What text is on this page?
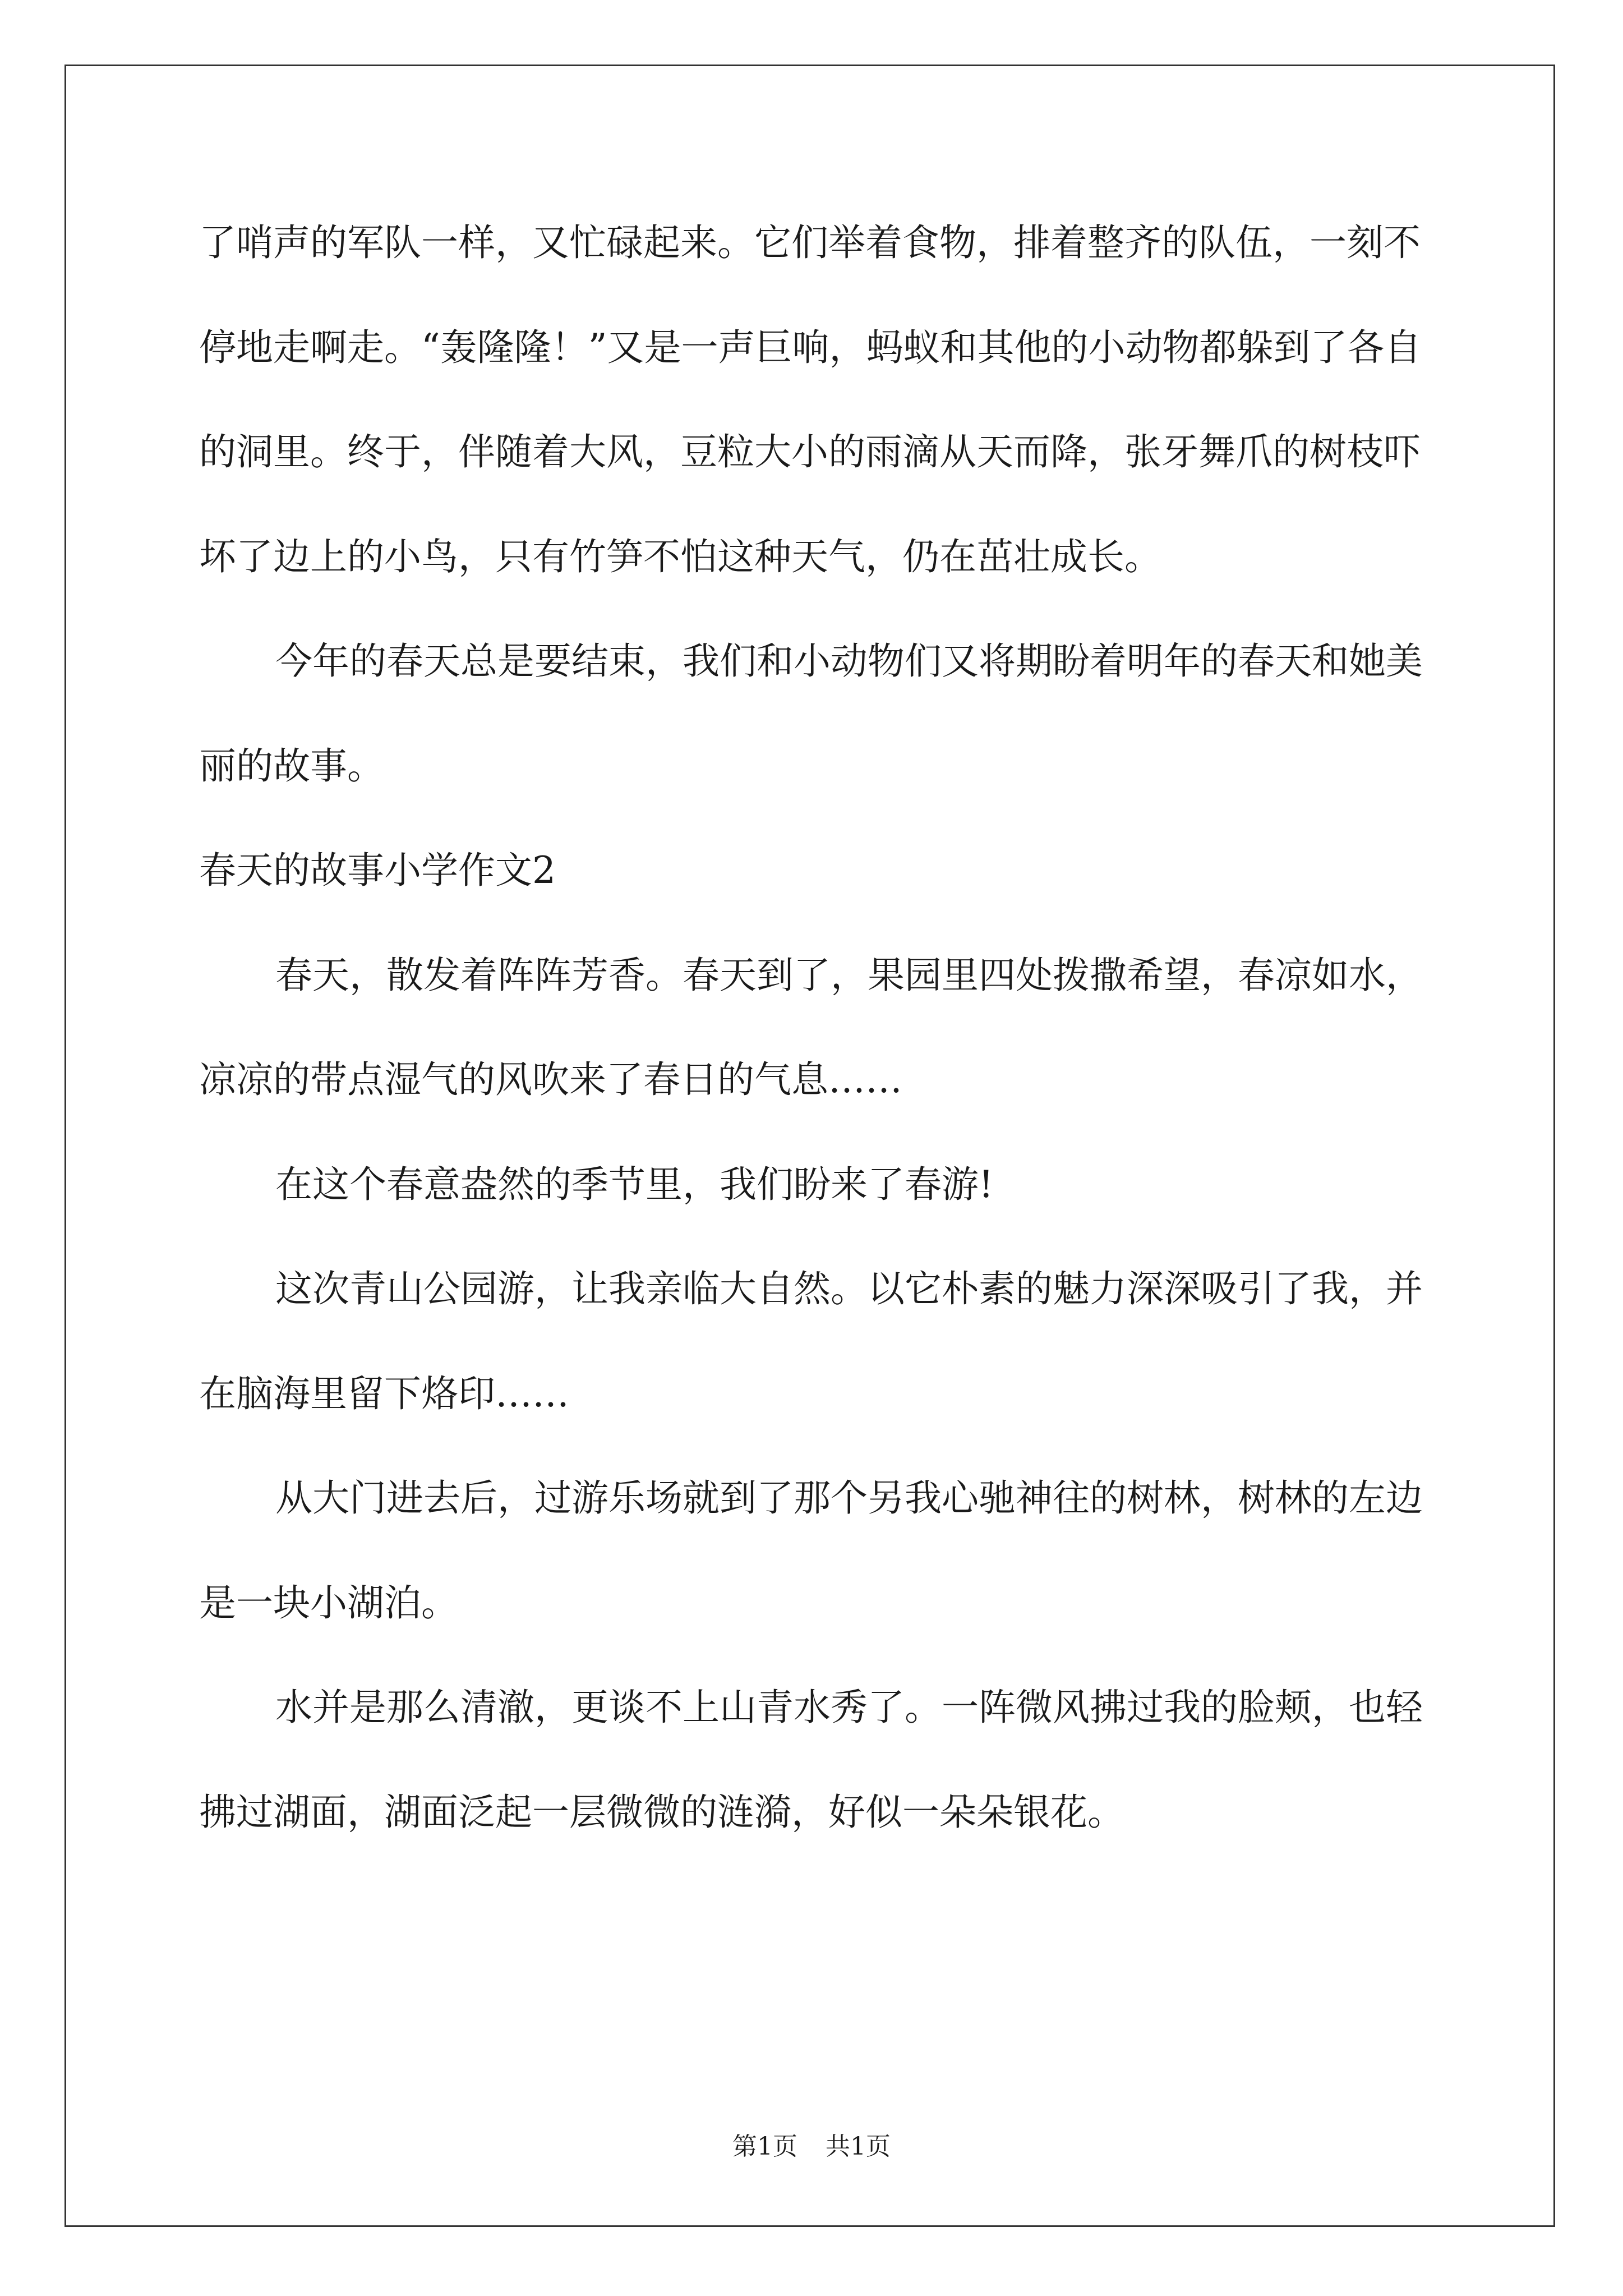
了哨声的军队一样，又忙碌起来。它们举着食物，排着整齐的队伍，一刻不停地走啊走。“轰隆隆！”又是一声巨响，蚂蚁和其他的小动物都躲到了各自的洞里。终于，伴随着大风，豆粒大小的雨滴从天而降，张牙舞爪的树枝吓坏了边上的小鸟，只有竹笋不怕这种天气，仍在茁壮成长。

今年的春天总是要结束，我们和小动物们又将期盼着明年的春天和她美丽的故事。

春天的故事小学作文2

春天，散发着阵阵芳香。春天到了，果园里四处拨撒希望，春凉如水，凉凉的带点湿气的风吹来了春日的气息……

在这个春意盎然的季节里，我们盼来了春游!

这次青山公园游，让我亲临大自然。以它朴素的魅力深深吸引了我，并在脑海里留下烙印……

从大门进去后，过游乐场就到了那个另我心驰神往的树林，树林的左边是一块小湖泊。

水并是那么清澈，更谈不上山青水秀了。一阵微风拂过我的脸颊，也轻拂过湖面，湖面泛起一层微微的涟漪，好似一朵朵银花。

第1页 共1页
